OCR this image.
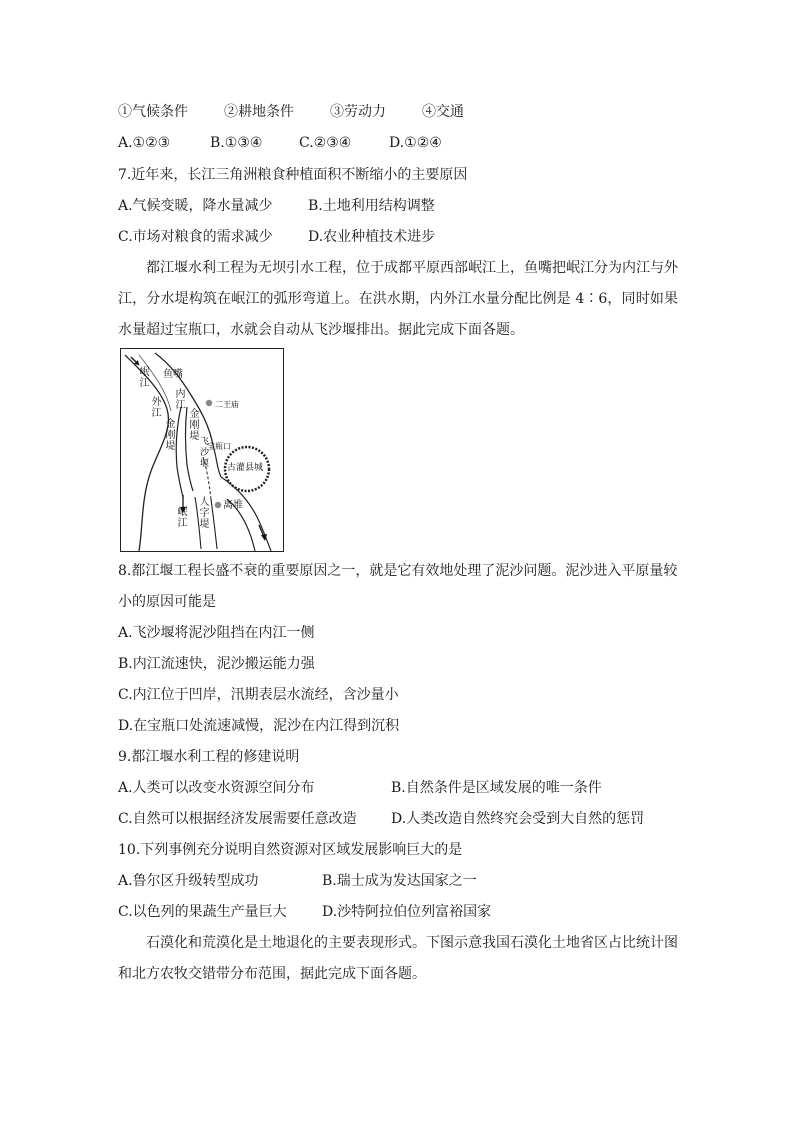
①气候条件	②耕地条件	③劳动力	④交通
A.①②③	B.①③④	C.②③④	D.①②④
7.近年来，长江三角洲粮食种植面积不断缩小的主要原因
A.气候变暖，降水量减少	B.土地利用结构调整
C.市场对粮食的需求减少	D.农业种植技术进步
都江堰水利工程为无坝引水工程，位于成都平原西部岷江上，鱼嘴把岷江分为内江与外江，分水堤构筑在岷江的弧形弯道上。在洪水期，内外江水量分配比例是 4∶6，同时如果水量超过宝瓶口，水就会自动从飞沙堰排出。据此完成下面各题。
岷江
鱼嘴
内江
外江
金刚堤
金刚堤
二王庙
飞沙堰
宝瓶口
古灌县城
岷江
人字堤
离堆
8.都江堰工程长盛不衰的重要原因之一，就是它有效地处理了泥沙问题。泥沙进入平原量较
小的原因可能是
A.飞沙堰将泥沙阻挡在内江一侧
B.内江流速快，泥沙搬运能力强
C.内江位于凹岸，汛期表层水流经，含沙量小
D.在宝瓶口处流速减慢，泥沙在内江得到沉积
9.都江堰水利工程的修建说明
A.人类可以改变水资源空间分布	B.自然条件是区域发展的唯一条件
C.自然可以根据经济发展需要任意改造 D.人类改造自然终究会受到大自然的惩罚
10.下列事例充分说明自然资源对区域发展影响巨大的是
A.鲁尔区升级转型成功	B.瑞士成为发达国家之一
C.以色列的果蔬生产量巨大	D.沙特阿拉伯位列富裕国家
石漠化和荒漠化是土地退化的主要表现形式。下图示意我国石漠化土地省区占比统计图和北方农牧交错带分布范围，据此完成下面各题。
